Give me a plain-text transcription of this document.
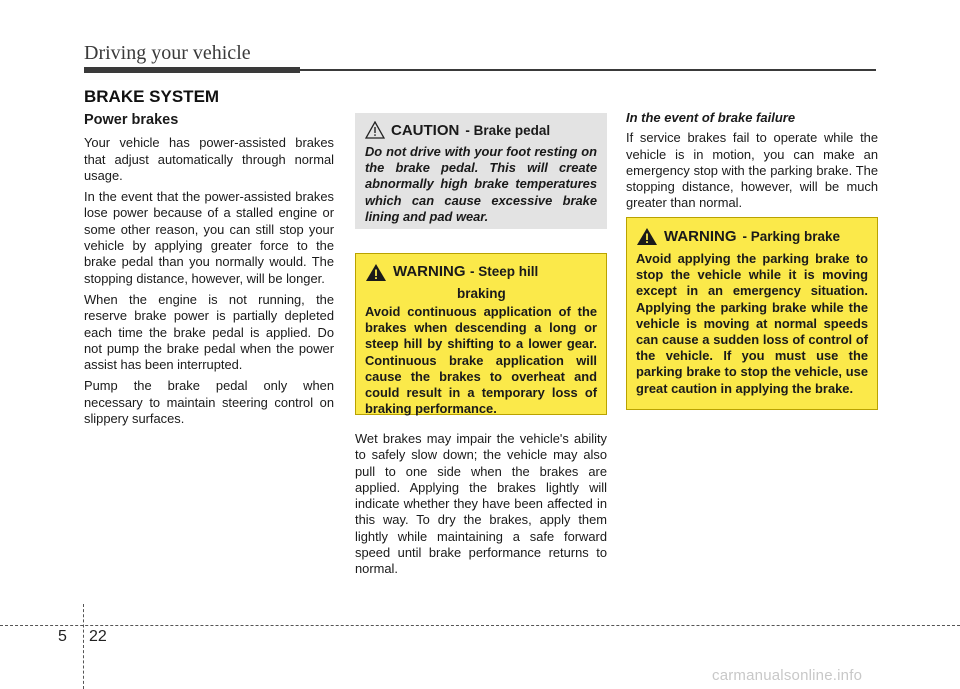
Driving your vehicle
BRAKE SYSTEM
Power brakes

Your vehicle has power-assisted brakes that adjust automatically through normal usage.

In the event that the power-assisted brakes lose power because of a stalled engine or some other reason, you can still stop your vehicle by applying greater force to the brake pedal than you normally would. The stopping distance, however, will be longer.

When the engine is not running, the reserve brake power is partially depleted each time the brake pedal is applied. Do not pump the brake pedal when the power assist has been interrupted.

Pump the brake pedal only when necessary to maintain steering control on slippery surfaces.

CAUTION - Brake pedal
Do not drive with your foot resting on the brake pedal. This will create abnormally high brake temperatures which can cause excessive brake lining and pad wear.
WARNING - Steep hill
braking
Avoid continuous application of the brakes when descending a long or steep hill by shifting to a lower gear. Continuous brake application will cause the brakes to overheat and could result in a temporary loss of braking performance.
Wet brakes may impair the vehicle's ability to safely slow down; the vehicle may also pull to one side when the brakes are applied. Applying the brakes lightly will indicate whether they have been affected in this way. To dry the brakes, apply them lightly while maintaining a safe forward speed until brake performance returns to normal.
In the event of brake failure

If service brakes fail to operate while the vehicle is in motion, you can make an emergency stop with the parking brake. The stopping distance, however, will be much greater than normal.

WARNING - Parking brake
Avoid applying the parking brake to stop the vehicle while it is moving except in an emergency situation. Applying the parking brake while the vehicle is moving at normal speeds can cause a sudden loss of control of the vehicle. If you must use the parking brake to stop the vehicle, use great caution in applying the brake.
5 22
carmanualsonline.info
